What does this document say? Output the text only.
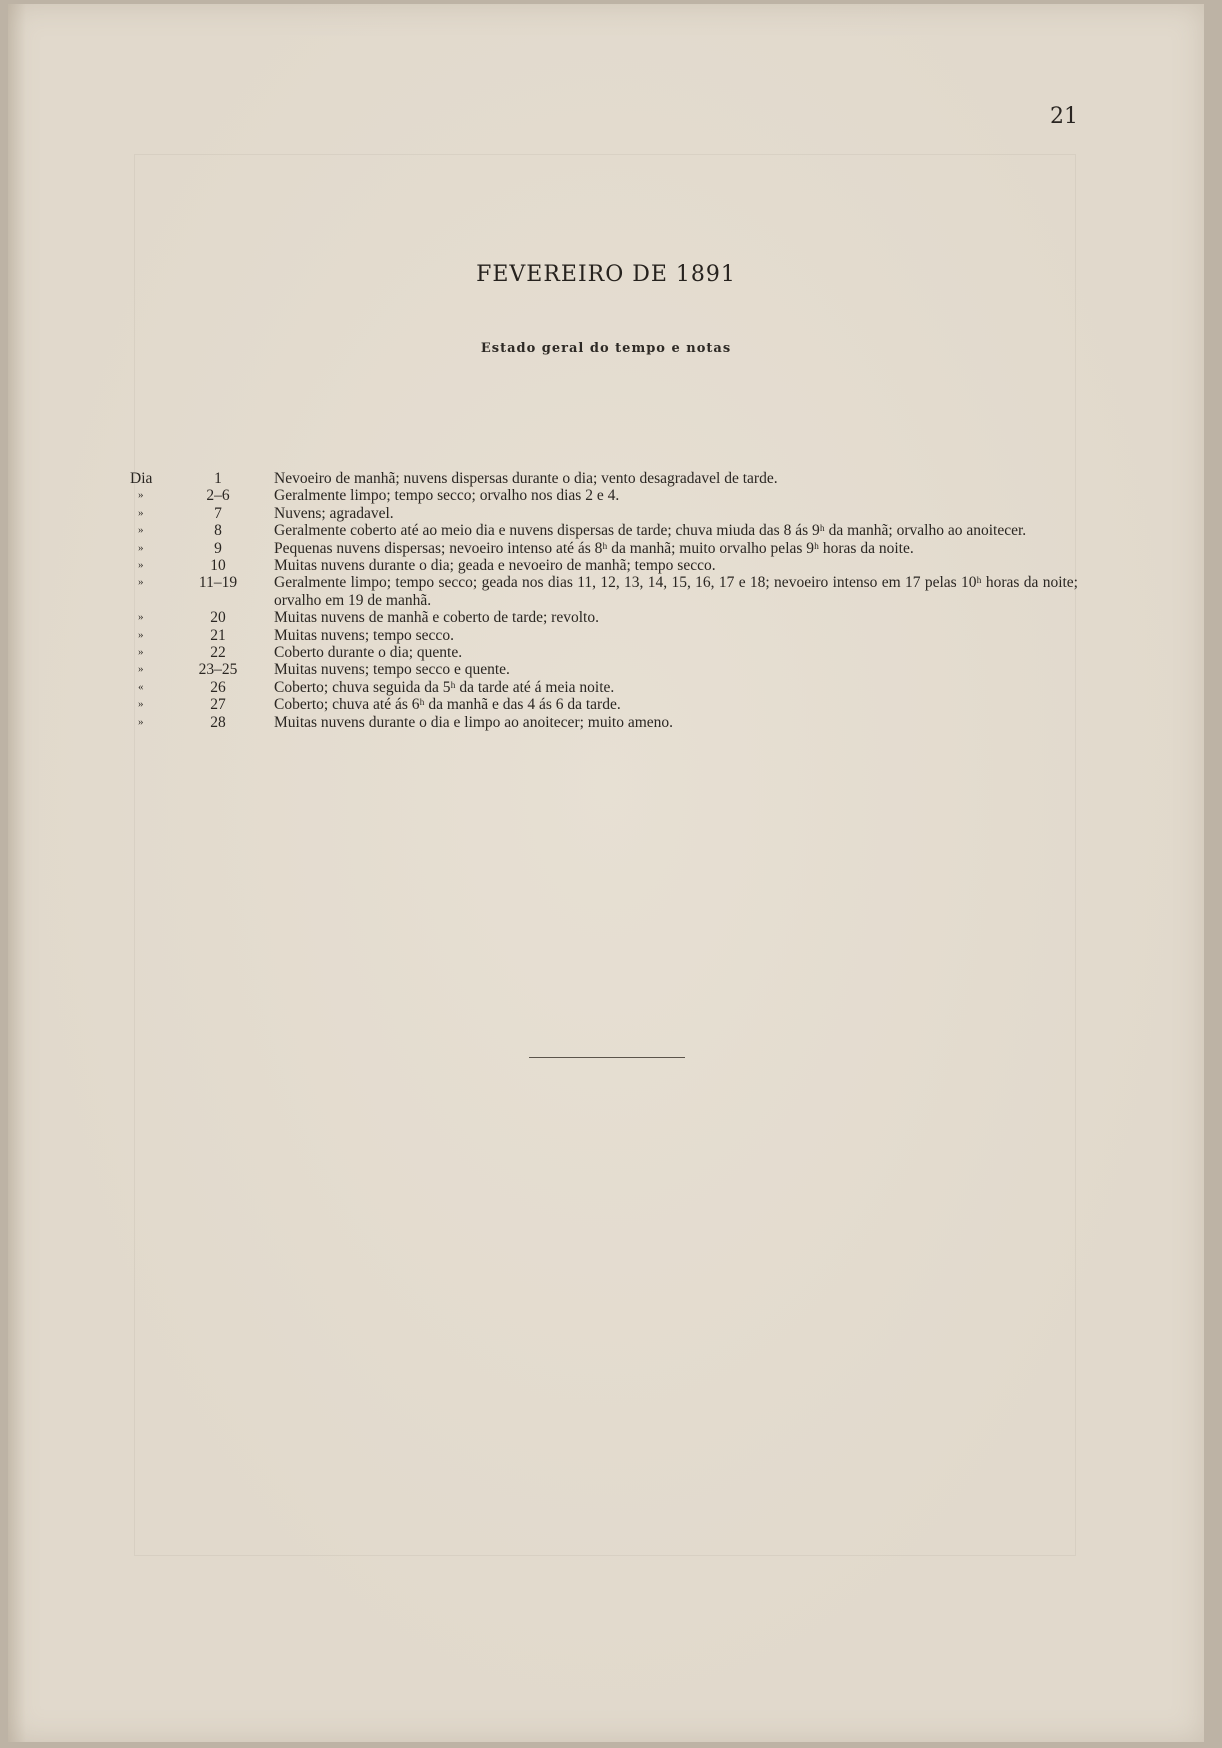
21
FEVEREIRO DE 1891
Estado geral do tempo e notas
Dia	1	Nevoeiro de manhã; nuvens dispersas durante o dia; vento desagradavel de tarde.
»	2–6	Geralmente limpo; tempo secco; orvalho nos dias 2 e 4.
»	7	Nuvens; agradavel.
»	8	Geralmente coberto até ao meio dia e nuvens dispersas de tarde; chuva miuda das 8 ás 9ʰ da manhã; orvalho ao anoitecer.
»	9	Pequenas nuvens dispersas; nevoeiro intenso até ás 8ʰ da manhã; muito orvalho pelas 9ʰ horas da noite.
»	10	Muitas nuvens durante o dia; geada e nevoeiro de manhã; tempo secco.
»	11–19	Geralmente limpo; tempo secco; geada nos dias 11, 12, 13, 14, 15, 16, 17 e 18; nevoeiro intenso em 17 pelas 10ʰ horas da noite; orvalho em 19 de manhã.
»	20	Muitas nuvens de manhã e coberto de tarde; revolto.
»	21	Muitas nuvens; tempo secco.
»	22	Coberto durante o dia; quente.
»	23–25	Muitas nuvens; tempo secco e quente.
«	26	Coberto; chuva seguida da 5ʰ da tarde até á meia noite.
»	27	Coberto; chuva até ás 6ʰ da manhã e das 4 ás 6 da tarde.
»	28	Muitas nuvens durante o dia e limpo ao anoitecer; muito ameno.
